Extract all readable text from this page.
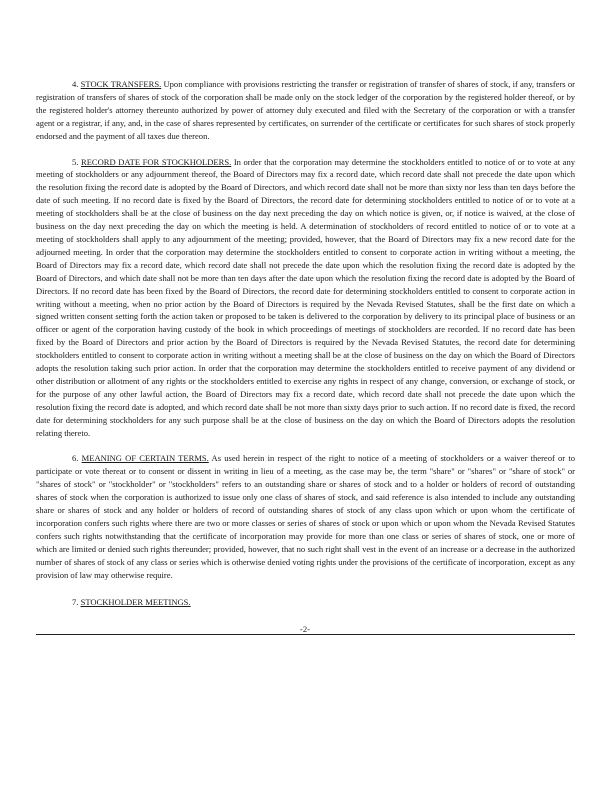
4. STOCK TRANSFERS. Upon compliance with provisions restricting the transfer or registration of transfer of shares of stock, if any, transfers or registration of transfers of shares of stock of the corporation shall be made only on the stock ledger of the corporation by the registered holder thereof, or by the registered holder's attorney thereunto authorized by power of attorney duly executed and filed with the Secretary of the corporation or with a transfer agent or a registrar, if any, and, in the case of shares represented by certificates, on surrender of the certificate or certificates for such shares of stock properly endorsed and the payment of all taxes due thereon.

5. RECORD DATE FOR STOCKHOLDERS. In order that the corporation may determine the stockholders entitled to notice of or to vote at any meeting of stockholders or any adjournment thereof, the Board of Directors may fix a record date, which record date shall not precede the date upon which the resolution fixing the record date is adopted by the Board of Directors, and which record date shall not be more than sixty nor less than ten days before the date of such meeting. If no record date is fixed by the Board of Directors, the record date for determining stockholders entitled to notice of or to vote at a meeting of stockholders shall be at the close of business on the day next preceding the day on which notice is given, or, if notice is waived, at the close of business on the day next preceding the day on which the meeting is held. A determination of stockholders of record entitled to notice of or to vote at a meeting of stockholders shall apply to any adjournment of the meeting; provided, however, that the Board of Directors may fix a new record date for the adjourned meeting. In order that the corporation may determine the stockholders entitled to consent to corporate action in writing without a meeting, the Board of Directors may fix a record date, which record date shall not precede the date upon which the resolution fixing the record date is adopted by the Board of Directors, and which date shall not be more than ten days after the date upon which the resolution fixing the record date is adopted by the Board of Directors. If no record date has been fixed by the Board of Directors, the record date for determining stockholders entitled to consent to corporate action in writing without a meeting, when no prior action by the Board of Directors is required by the Nevada Revised Statutes, shall be the first date on which a signed written consent setting forth the action taken or proposed to be taken is delivered to the corporation by delivery to its principal place of business or an officer or agent of the corporation having custody of the book in which proceedings of meetings of stockholders are recorded. If no record date has been fixed by the Board of Directors and prior action by the Board of Directors is required by the Nevada Revised Statutes, the record date for determining stockholders entitled to consent to corporate action in writing without a meeting shall be at the close of business on the day on which the Board of Directors adopts the resolution taking such prior action. In order that the corporation may determine the stockholders entitled to receive payment of any dividend or other distribution or allotment of any rights or the stockholders entitled to exercise any rights in respect of any change, conversion, or exchange of stock, or for the purpose of any other lawful action, the Board of Directors may fix a record date, which record date shall not precede the date upon which the resolution fixing the record date is adopted, and which record date shall be not more than sixty days prior to such action. If no record date is fixed, the record date for determining stockholders for any such purpose shall be at the close of business on the day on which the Board of Directors adopts the resolution relating thereto.

6. MEANING OF CERTAIN TERMS. As used herein in respect of the right to notice of a meeting of stockholders or a waiver thereof or to participate or vote thereat or to consent or dissent in writing in lieu of a meeting, as the case may be, the term "share" or "shares" or "share of stock" or "shares of stock" or "stockholder" or "stockholders" refers to an outstanding share or shares of stock and to a holder or holders of record of outstanding shares of stock when the corporation is authorized to issue only one class of shares of stock, and said reference is also intended to include any outstanding share or shares of stock and any holder or holders of record of outstanding shares of stock of any class upon which or upon whom the certificate of incorporation confers such rights where there are two or more classes or series of shares of stock or upon which or upon whom the Nevada Revised Statutes confers such rights notwithstanding that the certificate of incorporation may provide for more than one class or series of shares of stock, one or more of which are limited or denied such rights thereunder; provided, however, that no such right shall vest in the event of an increase or a decrease in the authorized number of shares of stock of any class or series which is otherwise denied voting rights under the provisions of the certificate of incorporation, except as any provision of law may otherwise require.

7. STOCKHOLDER MEETINGS.

-2-
